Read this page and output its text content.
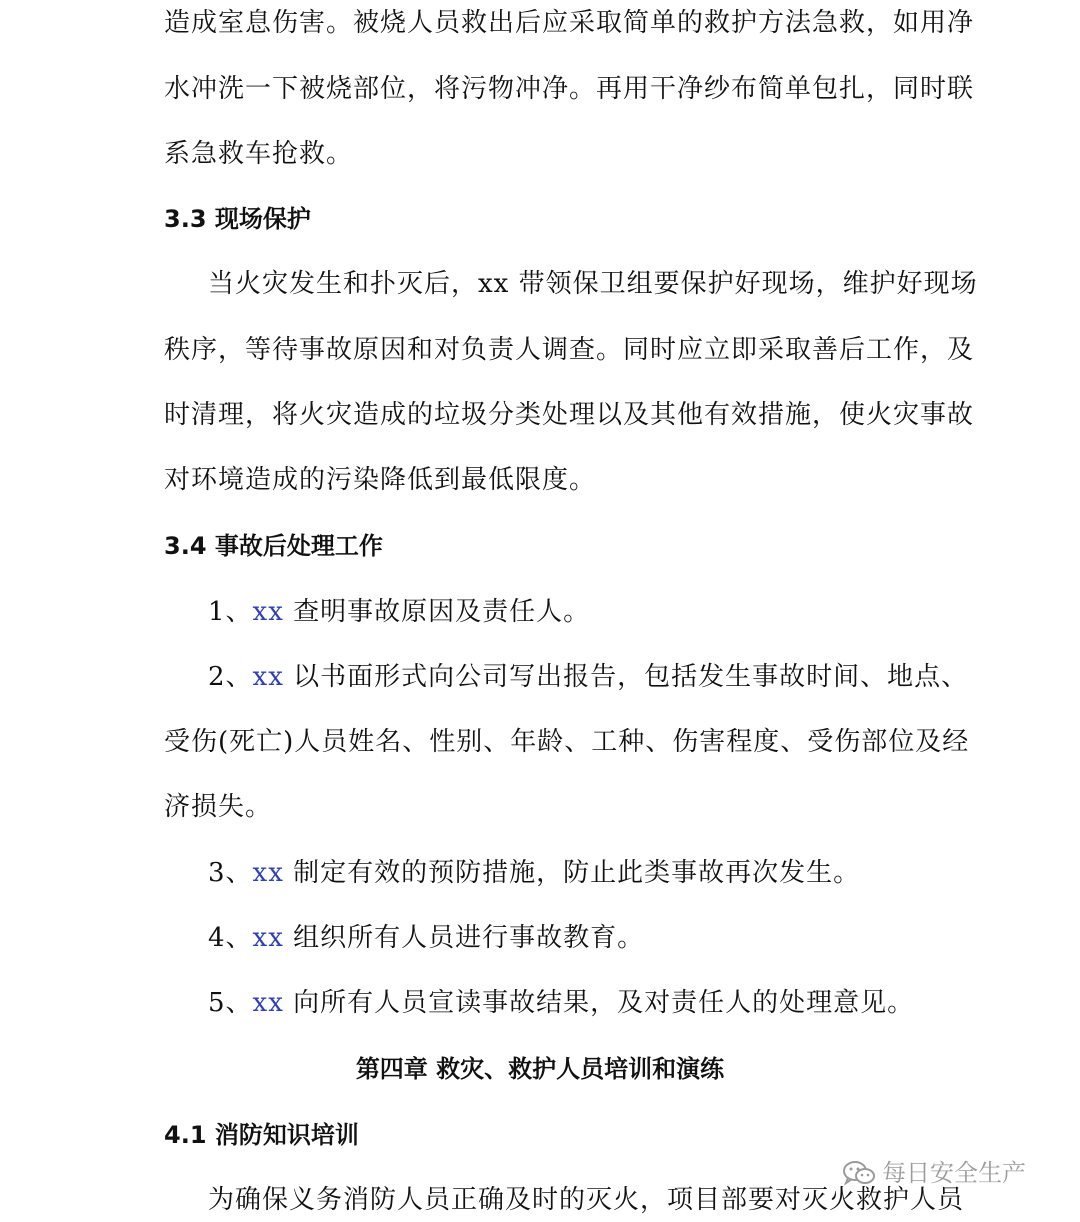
造成室息伤害。被烧人员救出后应采取简单的救护方法急救，如用净
水冲洗一下被烧部位，将污物冲净。再用干净纱布简单包扎，同时联
系急救车抢救。
3.3 现场保护
当火灾发生和扑灭后，xx 带领保卫组要保护好现场，维护好现场
秩序，等待事故原因和对负责人调查。同时应立即采取善后工作，及
时清理，将火灾造成的垃圾分类处理以及其他有效措施，使火灾事故
对环境造成的污染降低到最低限度。
3.4 事故后处理工作
1、xx 查明事故原因及责任人。
2、xx 以书面形式向公司写出报告，包括发生事故时间、地点、
受伤(死亡)人员姓名、性别、年龄、工种、伤害程度、受伤部位及经
济损失。
3、xx 制定有效的预防措施，防止此类事故再次发生。
4、xx 组织所有人员进行事故教育。
5、xx 向所有人员宣读事故结果，及对责任人的处理意见。
第四章 救灾、救护人员培训和演练
4.1 消防知识培训
为确保义务消防人员正确及时的灭火，项目部要对灭火救护人员
每日安全生产
